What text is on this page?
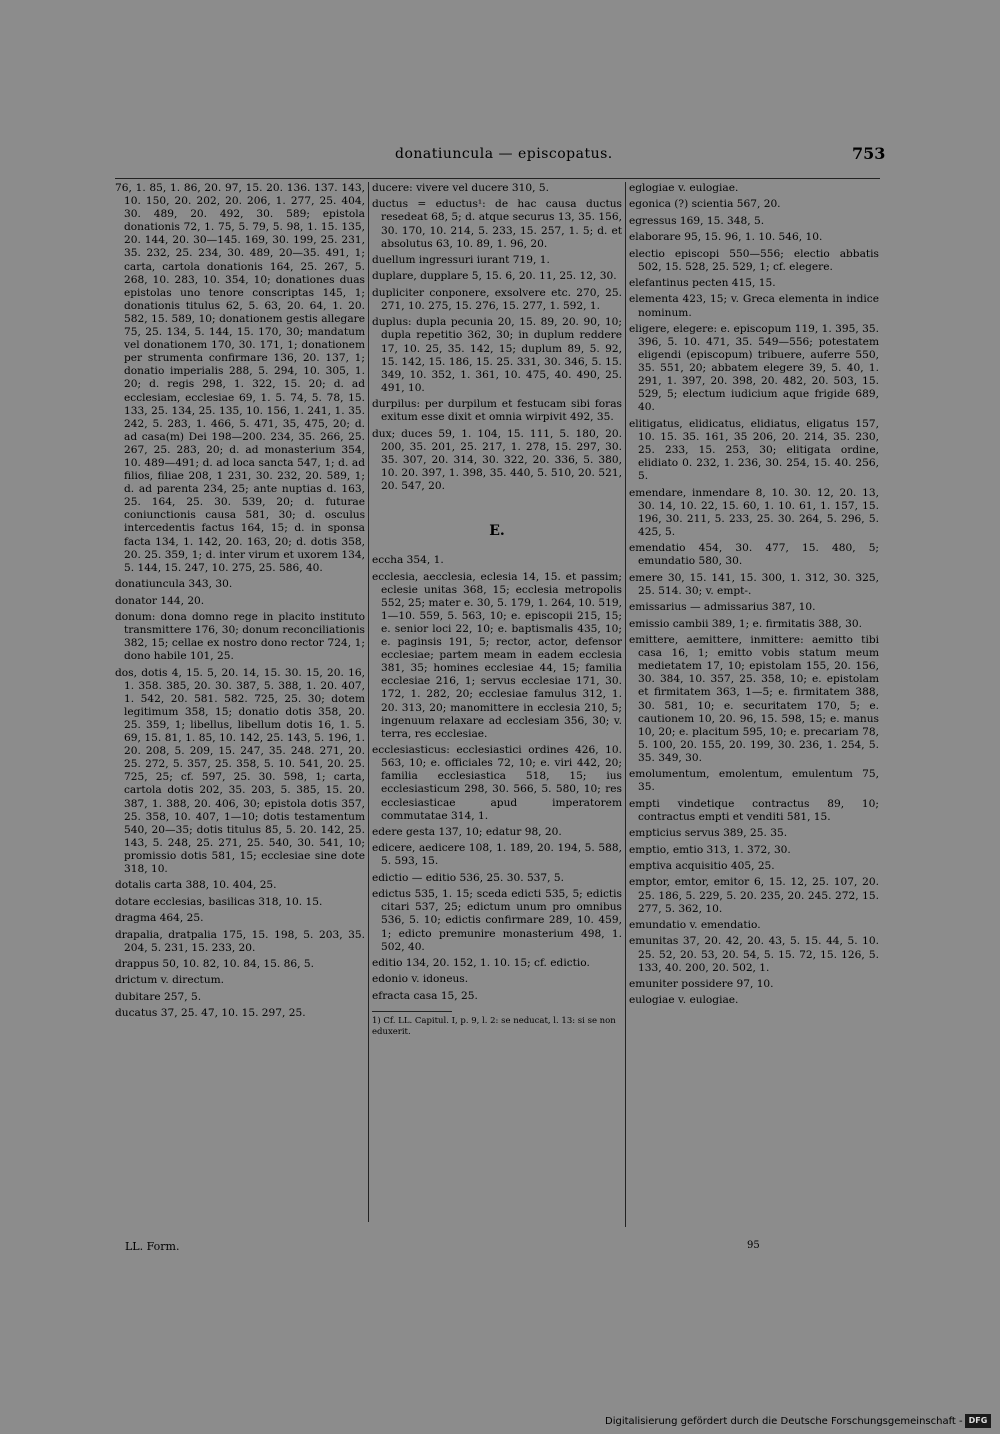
donatiunculа — episcopatus.	753
76, 1. 85, 1. 86, 20. 97, 15. 20. 136. 137. 143, 10. 150, 20. 202, 20. 206, 1. 277, 25. 404, 30. 489, 20. 492, 30. 589; epistola donationis 72, 1. 75, 5. 79, 5. 98, 1. 15. 135, 20. 144, 20. 30—145. 169, 30. 199, 25. 231, 35. 232, 25. 234, 30. 489, 20—35. 491, 1; carta, cartola donationis 164, 25. 267, 5. 268, 10. 283, 10. 354, 10; donationes duas epistolas uno tenore conscriptas 145, 1; donationis titulus 62, 5. 63, 20. 64, 1. 20. 582, 15. 589, 10; donationem gestis allegare 75, 25. 134, 5. 144, 15. 170, 30; mandatum vel donationem 170, 30. 171, 1; donationem per strumenta confirmare 136, 20. 137, 1; donatio imperialis 288, 5. 294, 10. 305, 1. 20; d. regis 298, 1. 322, 15. 20; d. ad ecclesiam, ecclesiae 69, 1. 5. 74, 5. 78, 15. 133, 25. 134, 25. 135, 10. 156, 1. 241, 1. 35. 242, 5. 283, 1. 466, 5. 471, 35, 475, 20; d. ad casa(m) Dei 198—200. 234, 35. 266, 25. 267, 25. 283, 20; d. ad monasterium 354, 10. 489—491; d. ad loca sancta 547, 1; d. ad filios, filiae 208, 1 231, 30. 232, 20. 589, 1; d. ad parenta 234, 25; ante nuptias d. 163, 25. 164, 25. 30. 539, 20; d. futurae coniunctionis causa 581, 30; d. osculus intercedentis factus 164, 15; d. in sponsa facta 134, 1. 142, 20. 163, 20; d. dotis 358, 20. 25. 359, 1; d. inter virum et uxorem 134, 5. 144, 15. 247, 10. 275, 25. 586, 40.
donatiuncula 343, 30.
donator 144, 20.
donum: dona domno rege in placito instituto transmittere 176, 30; donum reconciliationis 382, 15; cellae ex nostro dono rector 724, 1; dono habile 101, 25.
dos, dotis 4, 15. 5, 20. 14, 15. 30. 15, 20. 16, 1. 358. 385, 20. 30. 387, 5. 388, 1. 20. 407, 1. 542, 20. 581. 582. 725, 25. 30; dotem legitimum 358, 15; donatio dotis 358, 20. 25. 359, 1; libellus, libellum dotis 16, 1. 5. 69, 15. 81, 1. 85, 10. 142, 25. 143, 5. 196, 1. 20. 208, 5. 209, 15. 247, 35. 248. 271, 20. 25. 272, 5. 357, 25. 358, 5. 10. 541, 20. 25. 725, 25; cf. 597, 25. 30. 598, 1; carta, cartola dotis 202, 35. 203, 5. 385, 15. 20. 387, 1. 388, 20. 406, 30; epistola dotis 357, 25. 358, 10. 407, 1—10; dotis testamentum 540, 20—35; dotis titulus 85, 5. 20. 142, 25. 143, 5. 248, 25. 271, 25. 540, 30. 541, 10; promissio dotis 581, 15; ecclesiae sine dote 318, 10.
dotalis carta 388, 10. 404, 25.
dotare ecclesias, basilicas 318, 10. 15.
dragma 464, 25.
drapalia, dratpalia 175, 15. 198, 5. 203, 35. 204, 5. 231, 15. 233, 20.
drappus 50, 10. 82, 10. 84, 15. 86, 5.
drictum v. directum.
dubitare 257, 5.
ducatus 37, 25. 47, 10. 15. 297, 25.
ducere: vivere vel ducere 310, 5.
ductus = eductus¹: de hac causa ductus resedeat 68, 5; d. atque securus 13, 35. 156, 30. 170, 10. 214, 5. 233, 15. 257, 1. 5; d. et absolutus 63, 10. 89, 1. 96, 20.
duellum ingressuri iurant 719, 1.
duplare, dupplare 5, 15. 6, 20. 11, 25. 12, 30.
dupliciter conponere, exsolvere etc. 270, 25. 271, 10. 275, 15. 276, 15. 277, 1. 592, 1.
duplus: dupla pecunia 20, 15. 89, 20. 90, 10; dupla repetitio 362, 30; in duplum reddere 17, 10. 25, 35. 142, 15; duplum 89, 5. 92, 15. 142, 15. 186, 15. 25. 331, 30. 346, 5. 15. 349, 10. 352, 1. 361, 10. 475, 40. 490, 25. 491, 10.
durpilus: per durpilum et festucam sibi foras exitum esse dixit et omnia wirpivit 492, 35.
dux; duces 59, 1. 104, 15. 111, 5. 180, 20. 200, 35. 201, 25. 217, 1. 278, 15. 297, 30. 35. 307, 20. 314, 30. 322, 20. 336, 5. 380, 10. 20. 397, 1. 398, 35. 440, 5. 510, 20. 521, 20. 547, 20.
E.
eccha 354, 1.
ecclesia, aecclesia, eclesia 14, 15. et passim; eclesie unitas 368, 15; ecclesia metropolis 552, 25; mater e. 30, 5. 179, 1. 264, 10. 519, 1—10. 559, 5. 563, 10; e. episcopii 215, 15; e. senior loci 22, 10; e. baptismalis 435, 10; e. paginsis 191, 5; rector, actor, defensor ecclesiae; partem meam in eadem ecclesia 381, 35; homines ecclesiae 44, 15; familia ecclesiae 216, 1; servus ecclesiae 171, 30. 172, 1. 282, 20; ecclesiae famulus 312, 1. 20. 313, 20; manomittere in ecclesia 210, 5; ingenuum relaxare ad ecclesiam 356, 30; v. terra, res ecclesiae.
ecclesiasticus: ecclesiastici ordines 426, 10. 563, 10; e. officiales 72, 10; e. viri 442, 20; familia ecclesiastica 518, 15; ius ecclesiasticum 298, 30. 566, 5. 580, 10; res ecclesiasticae apud imperatorem commutatae 314, 1.
edere gesta 137, 10; edatur 98, 20.
edicere, aedicere 108, 1. 189, 20. 194, 5. 588, 5. 593, 15.
edictio — editio 536, 25. 30. 537, 5.
edictus 535, 1. 15; sceda edicti 535, 5; edictis citari 537, 25; edictum unum pro omnibus 536, 5. 10; edictis confirmare 289, 10. 459, 1; edicto premunire monasterium 498, 1. 502, 40.
editio 134, 20. 152, 1. 10. 15; cf. edictio.
edonio v. idoneus.
efracta casa 15, 25.
1) Cf. LL. Capitul. I, p. 9, l. 2: se neducat, l. 13: si se non eduxerit.
eglogiae v. eulogiae.
egonica (?) scientia 567, 20.
egressus 169, 15. 348, 5.
elaborare 95, 15. 96, 1. 10. 546, 10.
electio episcopi 550—556; electio abbatis 502, 15. 528, 25. 529, 1; cf. elegere.
elefantinus pecten 415, 15.
elementa 423, 15; v. Greca elementa in indice nominum.
eligere, elegere: e. episcopum 119, 1. 395, 35. 396, 5. 10. 471, 35. 549—556; potestatem eligendi (episcopum) tribuere, auferre 550, 35. 551, 20; abbatem elegere 39, 5. 40, 1. 291, 1. 397, 20. 398, 20. 482, 20. 503, 15. 529, 5; electum iudicium aque frigide 689, 40.
elitigatus, elidicatus, elidiatus, eligatus 157, 10. 15. 35. 161, 35 206, 20. 214, 35. 230, 25. 233, 15. 253, 30; elitigata ordine, elidiato 0. 232, 1. 236, 30. 254, 15. 40. 256, 5.
emendare, inmendare 8, 10. 30. 12, 20. 13, 30. 14, 10. 22, 15. 60, 1. 10. 61, 1. 157, 15. 196, 30. 211, 5. 233, 25. 30. 264, 5. 296, 5. 425, 5.
emendatio 454, 30. 477, 15. 480, 5; emundatio 580, 30.
emere 30, 15. 141, 15. 300, 1. 312, 30. 325, 25. 514. 30; v. empt-.
emissarius — admissarius 387, 10.
emissio cambii 389, 1; e. firmitatis 388, 30.
emittere, aemittere, inmittere: aemitto tibi casa 16, 1; emitto vobis statum meum medietatem 17, 10; epistolam 155, 20. 156, 30. 384, 10. 357, 25. 358, 10; e. epistolam et firmitatem 363, 1—5; e. firmitatem 388, 30. 581, 10; e. securitatem 170, 5; e. cautionem 10, 20. 96, 15. 598, 15; e. manus 10, 20; e. placitum 595, 10; e. precariam 78, 5. 100, 20. 155, 20. 199, 30. 236, 1. 254, 5. 35. 349, 30.
emolumentum, emolentum, emulentum 75, 35.
empti vindetique contractus 89, 10; contractus empti et venditi 581, 15.
empticius servus 389, 25. 35.
emptio, emtio 313, 1. 372, 30.
emptiva acquisitio 405, 25.
emptor, emtor, emitor 6, 15. 12, 25. 107, 20. 25. 186, 5. 229, 5. 20. 235, 20. 245. 272, 15. 277, 5. 362, 10.
emundatio v. emendatio.
emunitas 37, 20. 42, 20. 43, 5. 15. 44, 5. 10. 25. 52, 20. 53, 20. 54, 5. 15. 72, 15. 126, 5. 133, 40. 200, 20. 502, 1.
emuniter possidere 97, 10.
eulogiae v. eulogiae.
LL. Form.	95
Digitalisierung gefördert durch die Deutsche Forschungsgemeinschaft - DFG
